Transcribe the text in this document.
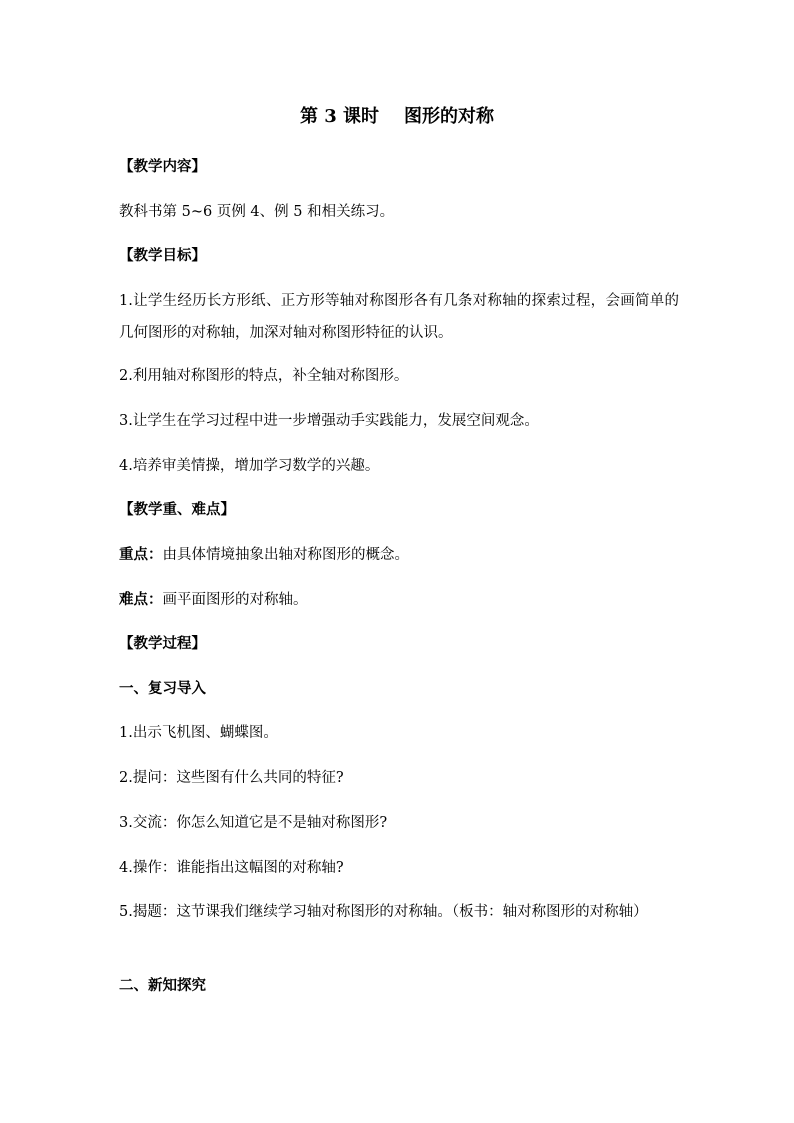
第 3 课时    图形的对称
【教学内容】
教科书第 5~6 页例 4、例 5 和相关练习。
【教学目标】
1.让学生经历长方形纸、正方形等轴对称图形各有几条对称轴的探索过程，会画简单的几何图形的对称轴，加深对轴对称图形特征的认识。
2.利用轴对称图形的特点，补全轴对称图形。
3.让学生在学习过程中进一步增强动手实践能力，发展空间观念。
4.培养审美情操，增加学习数学的兴趣。
【教学重、难点】
重点：由具体情境抽象出轴对称图形的概念。
难点：画平面图形的对称轴。
【教学过程】
一、复习导入
1.出示飞机图、蝴蝶图。
2.提问：这些图有什么共同的特征?
3.交流：你怎么知道它是不是轴对称图形?
4.操作：谁能指出这幅图的对称轴?
5.揭题：这节课我们继续学习轴对称图形的对称轴。（板书：轴对称图形的对称轴）
二、新知探究
